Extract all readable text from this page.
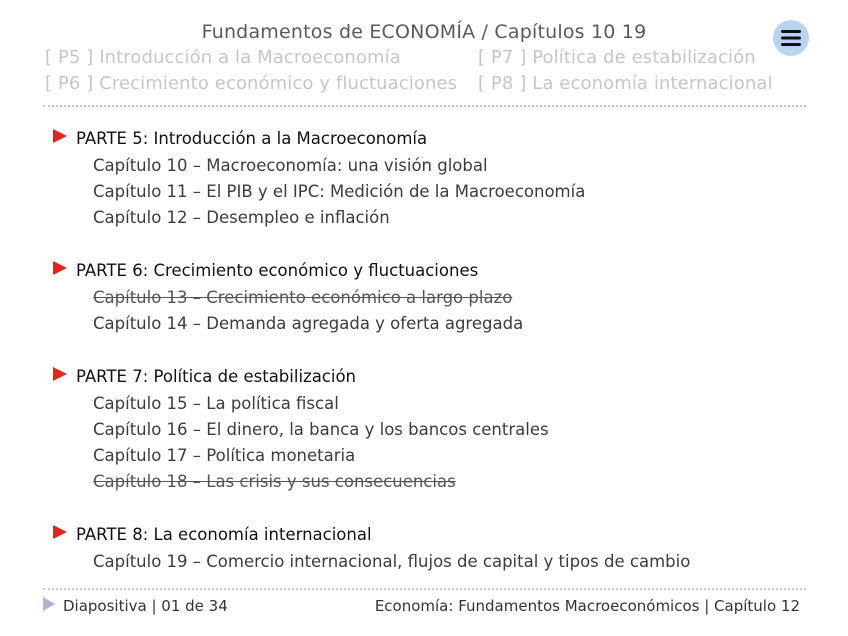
Fundamentos de ECONOMÍA / Capítulos 10 19
[ P5 ] Introducción a la Macroeconomía	[ P7 ] Política de estabilización
[ P6 ] Crecimiento económico y fluctuaciones [ P8 ] La economía internacional
PARTE 5: Introducción a la Macroeconomía
Capítulo 10 – Macroeconomía: una visión global
Capítulo 11 – El PIB y el IPC: Medición de la Macroeconomía
Capítulo 12 – Desempleo e inflación
PARTE 6: Crecimiento económico y fluctuaciones
Capítulo 13 – Crecimiento económico a largo plazo
Capítulo 14 – Demanda agregada y oferta agregada
PARTE 7: Política de estabilización
Capítulo 15 – La política fiscal
Capítulo 16 – El dinero, la banca y los bancos centrales
Capítulo 17 – Política monetaria
Capítulo 18 – Las crisis y sus consecuencias
PARTE 8: La economía internacional
Capítulo 19 – Comercio internacional, flujos de capital y tipos de cambio
Diapositiva | 01 de 34	Economía: Fundamentos Macroeconómicos | Capítulo 12
